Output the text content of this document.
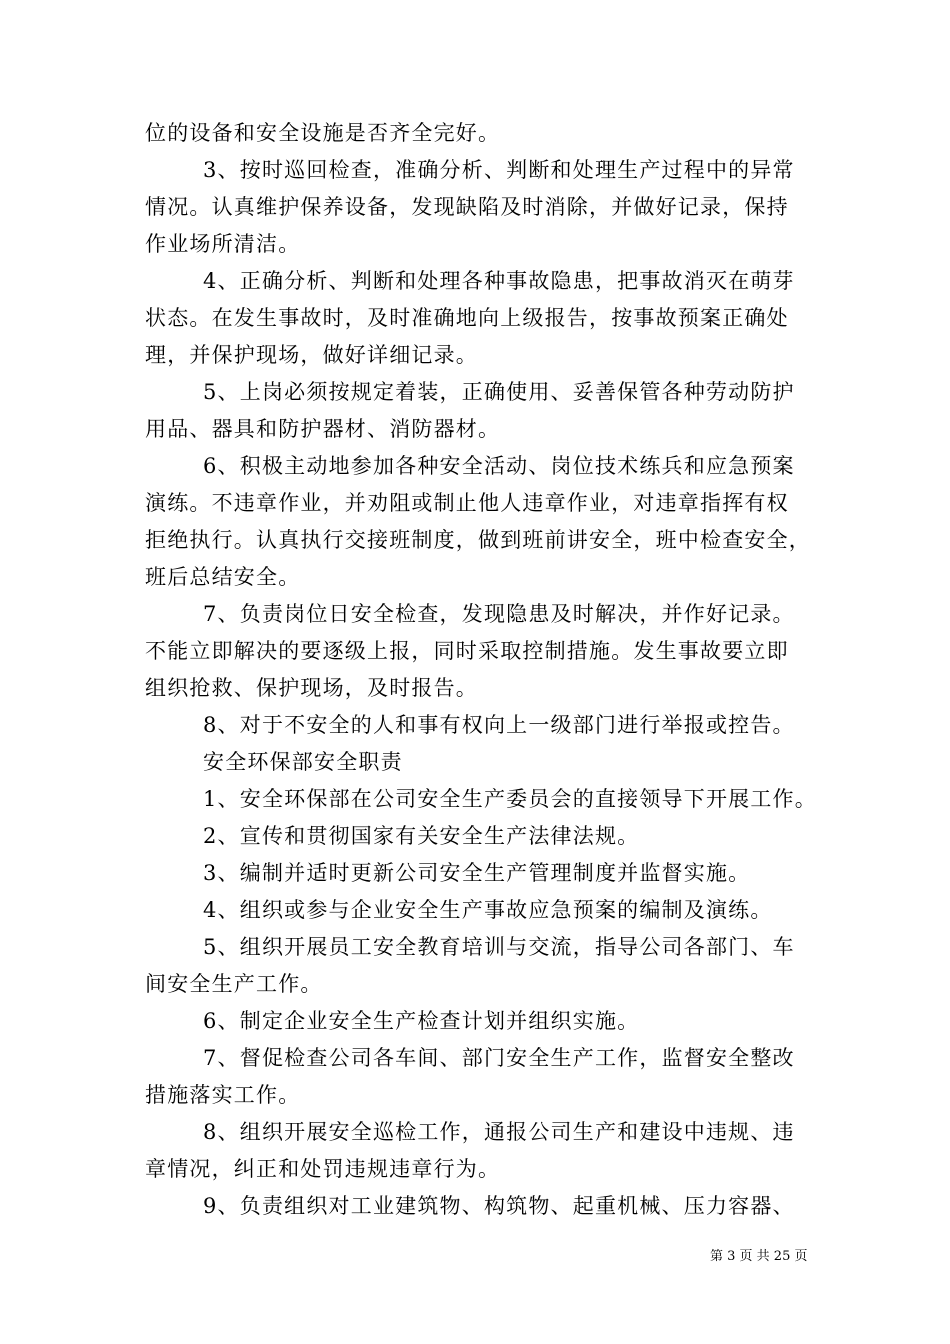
位的设备和安全设施是否齐全完好。
3、按时巡回检查，准确分析、判断和处理生产过程中的异常
情况。认真维护保养设备，发现缺陷及时消除，并做好记录，保持
作业场所清洁。
4、正确分析、判断和处理各种事故隐患，把事故消灭在萌芽
状态。在发生事故时，及时准确地向上级报告，按事故预案正确处
理，并保护现场，做好详细记录。
5、上岗必须按规定着装，正确使用、妥善保管各种劳动防护
用品、器具和防护器材、消防器材。
6、积极主动地参加各种安全活动、岗位技术练兵和应急预案
演练。不违章作业，并劝阻或制止他人违章作业，对违章指挥有权
拒绝执行。认真执行交接班制度，做到班前讲安全，班中检查安全，
班后总结安全。
7、负责岗位日安全检查，发现隐患及时解决，并作好记录。
不能立即解决的要逐级上报，同时采取控制措施。发生事故要立即
组织抢救、保护现场，及时报告。
8、对于不安全的人和事有权向上一级部门进行举报或控告。
安全环保部安全职责
1、安全环保部在公司安全生产委员会的直接领导下开展工作。
2、宣传和贯彻国家有关安全生产法律法规。
3、编制并适时更新公司安全生产管理制度并监督实施。
4、组织或参与企业安全生产事故应急预案的编制及演练。
5、组织开展员工安全教育培训与交流，指导公司各部门、车
间安全生产工作。
6、制定企业安全生产检查计划并组织实施。
7、督促检查公司各车间、部门安全生产工作，监督安全整改
措施落实工作。
8、组织开展安全巡检工作，通报公司生产和建设中违规、违
章情况，纠正和处罚违规违章行为。
9、负责组织对工业建筑物、构筑物、起重机械、压力容器、
第 3 页 共 25 页
